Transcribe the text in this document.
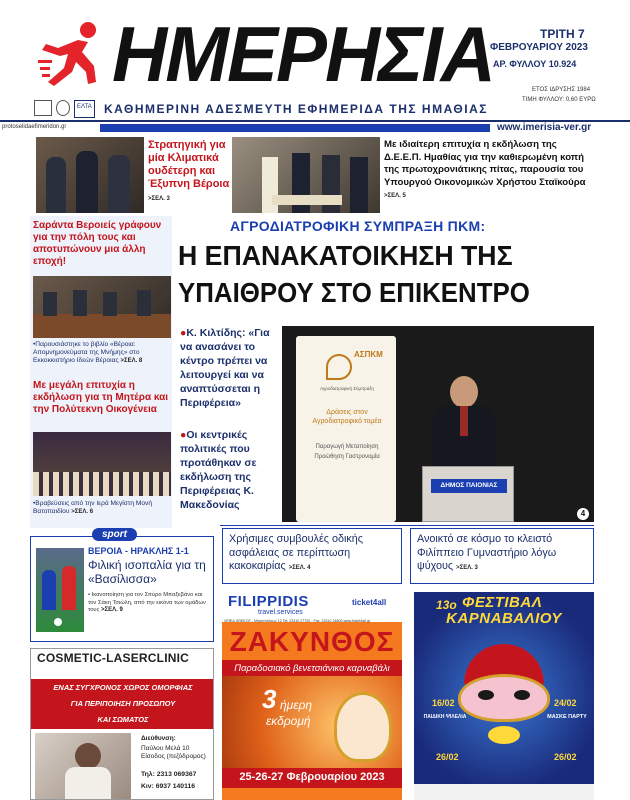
ΗΜΕΡΗΣΙΑ	ΤΡΙΤΗ 7
ΦΕΒΡΟΥΑΡΙΟΥ 2023
ΑΡ. ΦΥΛΛΟΥ 10.924
ΕΛΤΑ ΚΑΘΗΜΕΡΙΝΗ ΑΔΕΣΜΕΥΤΗ ΕΦΗΜΕΡΙΔΑ ΤΗΣ ΗΜΑΘΙΑΣ
ΕΤΟΣ ΙΔΡΥΣΗΣ 1984
ΤΙΜΗ ΦΥΛΛΟΥ: 0,60 ΕΥΡΩ
protoselidaefimeridon.gr	www.imerisia-ver.gr
Στρατηγική για μία Κλιματικά ουδέτερη και Έξυπνη Βέροια >ΣΕΛ. 3
Με ιδιαίτερη επιτυχία η εκδήλωση της Δ.Ε.Ε.Π. Ημαθίας για την καθιερωμένη κοπή της πρωτοχρονιάτικης πίτας, παρουσία του Υπουργού Οικονομικών Χρήστου Σταϊκούρα >ΣΕΛ. 5
Σαράντα Βεροιείς γράφουν για την πόλη τους και αποτυπώνουν μια άλλη εποχή!
•Παρουσιάστηκε το βιβλίο «Βέροια: Απομνημονεύματα της Μνήμης» στο Εκκοκκιστήριο Ιδεών Βέροιας >ΣΕΛ. 8
Με μεγάλη επιτυχία η εκδήλωση για τη Μητέρα και την Πολύτεκνη Οικογένεια
•Βραβεύσεις από την Ιερά Μεγίστη Μονή Βατοπαιδίου >ΣΕΛ. 6
ΑΓΡΟΔΙΑΤΡΟΦΙΚΗ ΣΥΜΠΡΑΞΗ ΠΚΜ:
Η ΕΠΑΝΑΚΑΤΟΙΚΗΣΗ ΤΗΣ
ΥΠΑΙΘΡΟΥ ΣΤΟ ΕΠΙΚΕΝΤΡΟ
●Κ. Κιλτίδης: «Για να ανασάνει το κέντρο πρέπει να λειτουργεί και να αναπτύσσεται η Περιφέρεια»
●Οι κεντρικές πολιτικές που προτάθηκαν σε εκδήλωση της Περιφέρειας Κ. Μακεδονίας
ΑΣΠΚΜ
Αγροδιατροφική Σύμπραξη
Δράσεις στον Αγροδιατροφικό τομέα
Παραγωγή Μεταποίηση Προώθηση Γαστρονομία
ΔΗΜΟΣ ΠΑΙΟΝΙΑΣ
4
Χρήσιμες συμβουλές οδικής ασφάλειας σε περίπτωση κακοκαιρίας >ΣΕΛ. 4
Ανοικτό σε κόσμο το κλειστό Φιλίππειο Γυμναστήριο λόγω ψύχους >ΣΕΛ. 3
sport
ΒΕΡΟΙΑ - ΗΡΑΚΛΗΣ 1-1
Φιλική ισοπαλία για τη «Βασίλισσα»
• Ικανοποίηση για τον Σπύρο Μπαξεβάνο και τον Σάκη Τσιώλη, από την εικόνα των ομάδων τους >ΣΕΛ. 9
COSMETIC-LASERCLINIC
ΕΝΑΣ ΣΥΓΧΡΟΝΟΣ ΧΩΡΟΣ ΟΜΟΡΦΙΑΣ
ΓΙΑ ΠΕΡΙΠΟΙΗΣΗ ΠΡΟΣΩΠΟΥ
ΚΑΙ ΣΩΜΑΤΟΣ
Διεύθυνση:
Παύλου Μελά 10 Είσοδος (πεζόδρομος)
Τηλ: 2313 069367
Κιν: 6937 140116
FILIPPIDIS
travel.services
ticket4all
VERIA GREECE - Μητροπόλεως 12 Tel: 23310 27720 - Fax: 23310 24805 www.ticket4all.gr
ΖΑΚΥΝΘΟΣ
Παραδοσιακό βενετσιάνικο καρναβάλι
3 ήμερη
εκδρομή
25-26-27 Φεβρουαρίου 2023
13ο ΦΕΣΤΙΒΑΛ
ΚΑΡΝΑΒΑΛΙΟΥ
16/02
ΠΑΙΔΙΚΗ ΨΙΛΕΛΙΑ
24/02
ΜΑΣΚΕ ΠΑΡΤΥ
26/02	26/02
